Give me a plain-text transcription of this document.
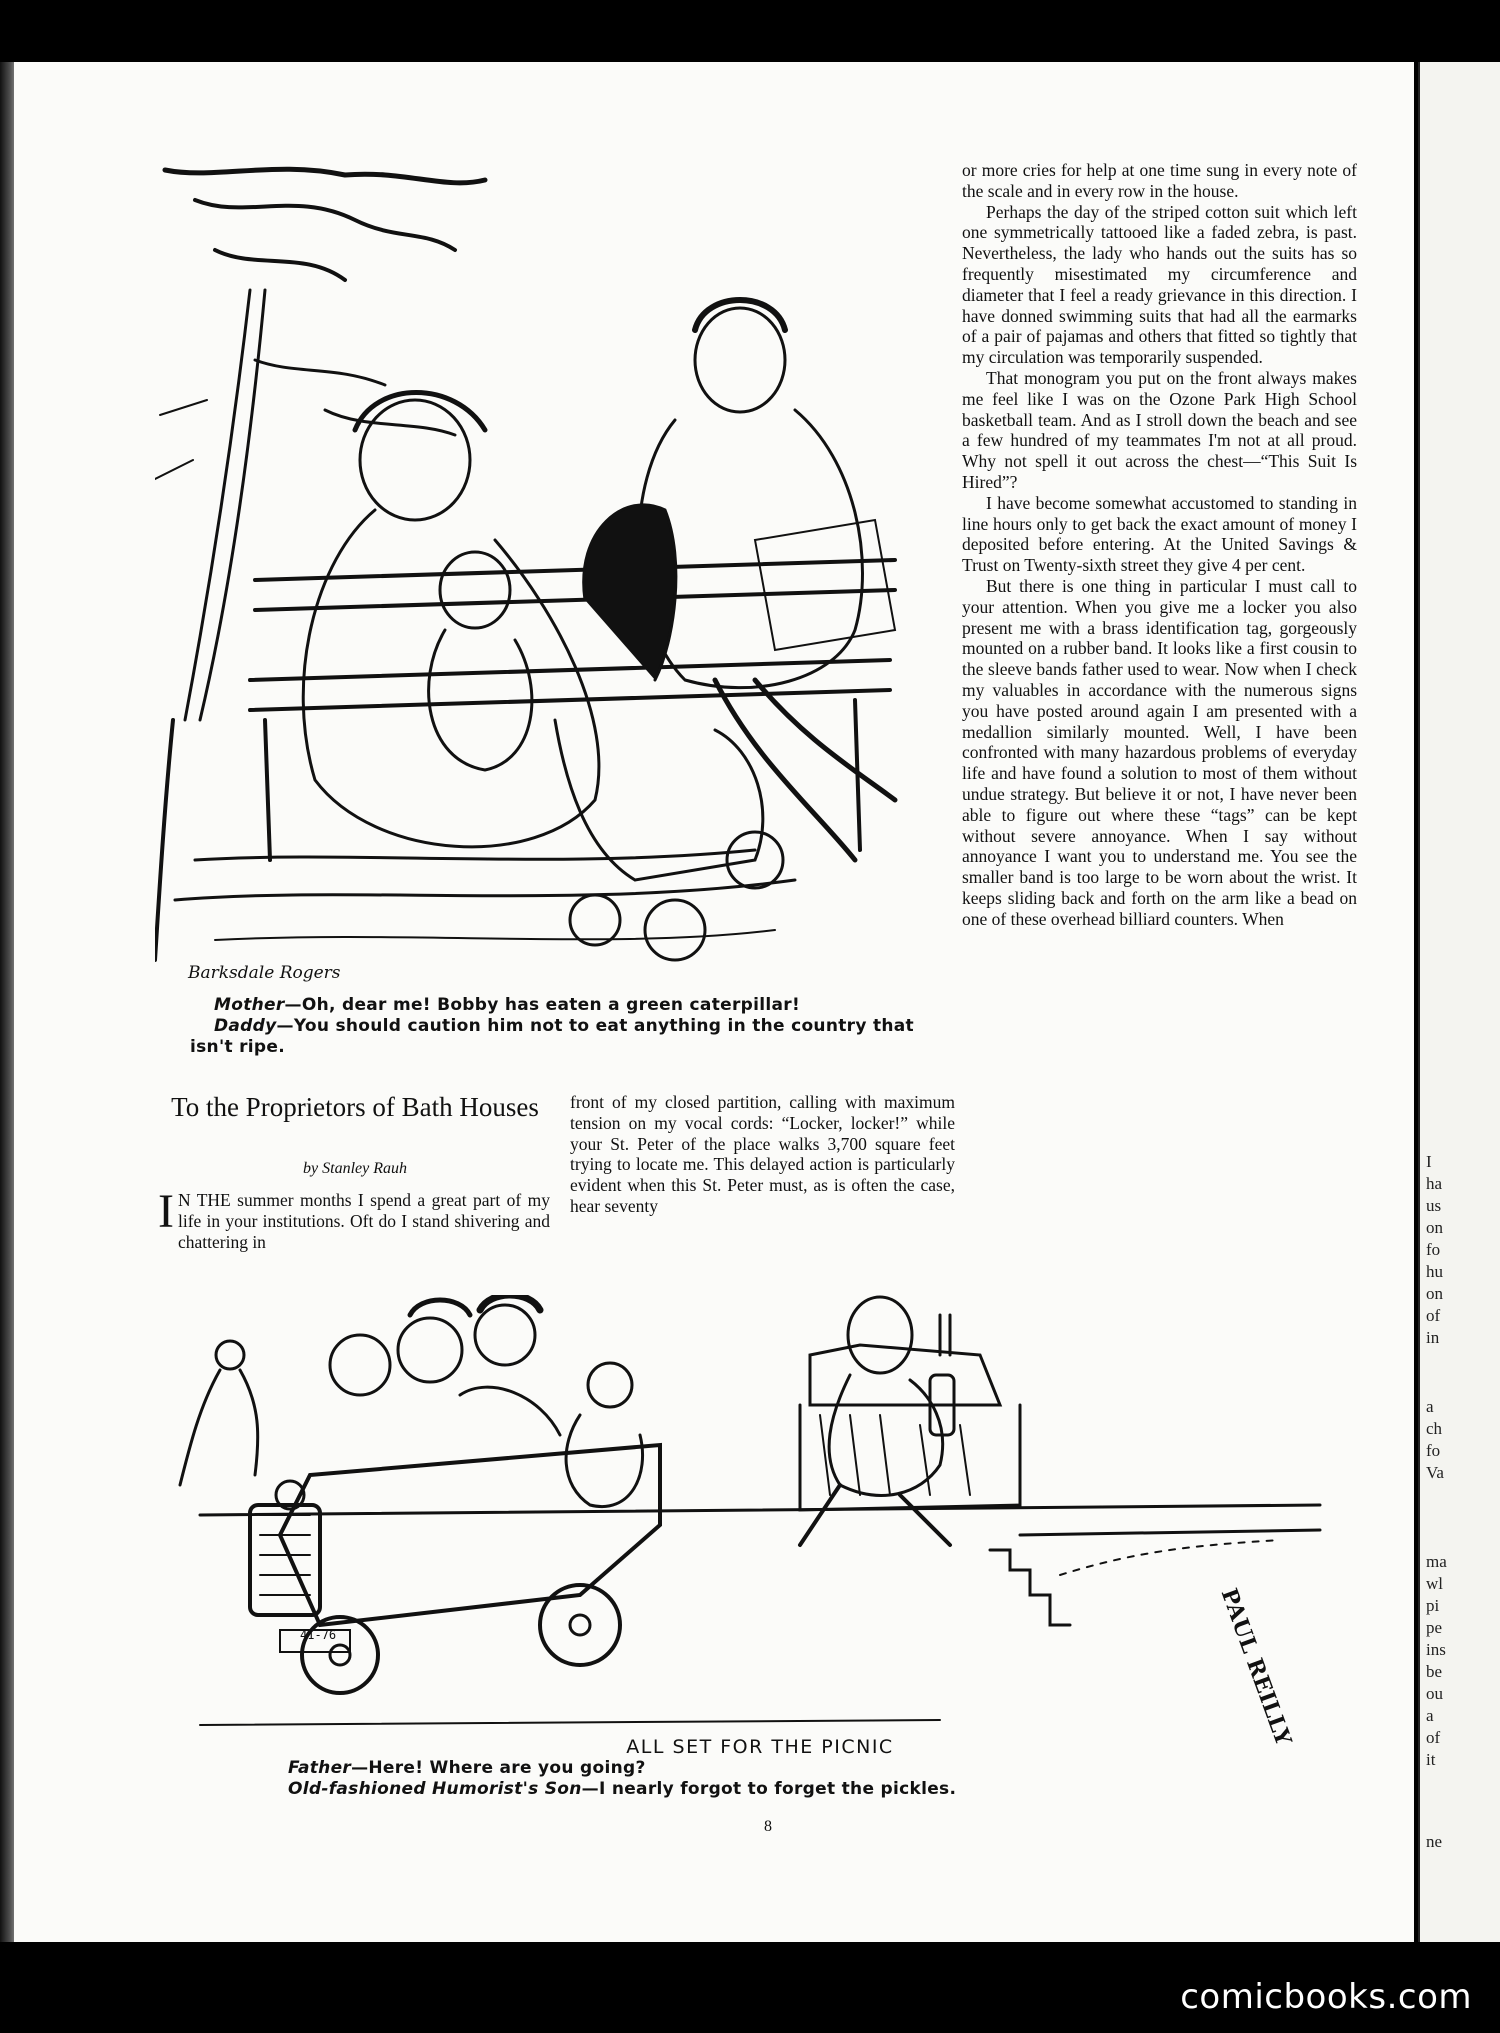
I
ha
us
on
fo
hu
on
of
in
a
ch
fo
Va
ma
wl
pi
pe
ins
be
ou
a
of
it
ne
Barksdale Rogers
Mother—Oh, dear me! Bobby has eaten a green caterpillar!
Daddy—You should caution him not to eat anything in the country that
isn't ripe.
To the Proprietors of Bath Houses
by Stanley Rauh
I N THE summer months I spend a great part of my life in your institutions. Oft do I stand shivering and chattering in

front of my closed partition, calling with maximum tension on my vocal cords: “Locker, locker!” while your St. Peter of the place walks 3,700 square feet trying to locate me. This delayed action is particularly evident when this St. Peter must, as is often the case, hear seventy

or more cries for help at one time sung in every note of the scale and in every row in the house.

Perhaps the day of the striped cotton suit which left one symmetrically tattooed like a faded zebra, is past. Nevertheless, the lady who hands out the suits has so frequently misestimated my circumference and diameter that I feel a ready grievance in this direction. I have donned swimming suits that had all the earmarks of a pair of pajamas and others that fitted so tightly that my circulation was temporarily suspended.

That monogram you put on the front always makes me feel like I was on the Ozone Park High School basketball team. And as I stroll down the beach and see a few hundred of my teammates I'm not at all proud. Why not spell it out across the chest—“This Suit Is Hired”?

I have become somewhat accustomed to standing in line hours only to get back the exact amount of money I deposited before entering. At the United Savings & Trust on Twenty-sixth street they give 4 per cent.

But there is one thing in particular I must call to your attention. When you give me a locker you also present me with a brass identification tag, gorgeously mounted on a rubber band. It looks like a first cousin to the sleeve bands father used to wear. Now when I check my valuables in accordance with the numerous signs you have posted around again I am presented with a medallion similarly mounted. Well, I have been confronted with many hazardous problems of everyday life and have found a solution to most of them without undue strategy. But believe it or not, I have never been able to figure out where these “tags” can be kept without severe annoyance. When I say without annoyance I want you to understand me. You see the smaller band is too large to be worn about the wrist. It keeps sliding back and forth on the arm like a bead on one of these overhead billiard counters. When

PAUL REILLY
41-76
ALL SET FOR THE PICNIC
Father—Here! Where are you going?
Old-fashioned Humorist's Son—I nearly forgot to forget the pickles.
8
comicbooks.com
